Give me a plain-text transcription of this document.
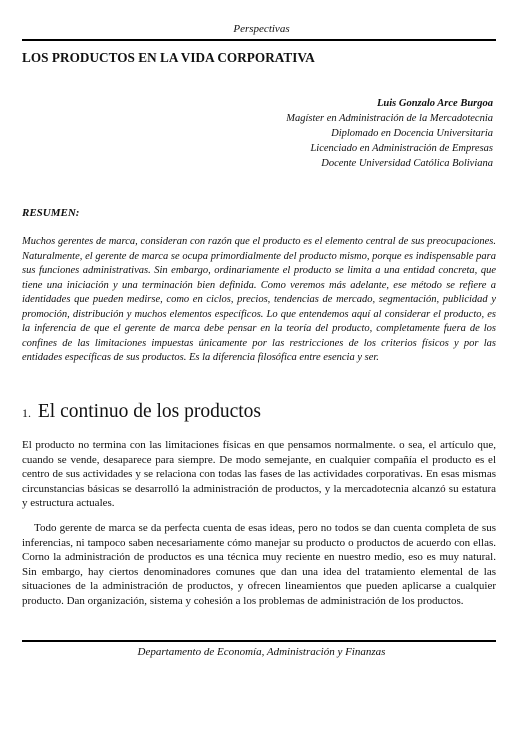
Perspectivas
LOS PRODUCTOS EN LA VIDA CORPORATIVA
Luis Gonzalo Arce Burgoa
Magíster en Administración de la Mercadotecnia
Diplomado en Docencia Universitaria
Licenciado en Administración de Empresas
Docente Universidad Católica Boliviana
RESUMEN:

Muchos gerentes de marca, consideran con razón que el producto es el elemento central de sus preocupaciones. Naturalmente, el gerente de marca se ocupa primordialmente del producto mismo, porque es indispensable para sus funciones administrativas. Sin embargo, ordinariamente el producto se limita a una entidad concreta, que tiene una iniciación y una terminación bien definida. Como veremos más adelante, ese método se refiere a identidades que pueden medirse, como en ciclos, precios, tendencias de mercado, segmentación, publicidad y promoción, distribución y muchos elementos específicos. Lo que entendemos aquí al considerar el producto, es la inferencia de que el gerente de marca debe pensar en la teoría del producto, completamente fuera de los confines de las limitaciones impuestas únicamente por las restricciones de los criterios físicos y por las entidades específicas de sus productos. Es la diferencia filosófica entre esencia y ser.

1. El continuo de los productos

El producto no termina con las limitaciones físicas en que pensamos normalmente. o sea, el artículo que, cuando se vende, desaparece para siempre. De modo semejante, en cualquier compañía el producto es el centro de sus actividades y se relaciona con todas las fases de las actividades corporativas. En esas mismas circunstancias básicas se desarrolló la administración de productos, y la mercadotecnia alcanzó su estatura y estructura actuales.

Todo gerente de marca se da perfecta cuenta de esas ideas, pero no todos se dan cuenta completa de sus inferencias, ni tampoco saben necesariamente cómo manejar su producto o productos de acuerdo con ellas. Corno la administración de productos es una técnica muy reciente en nuestro medio, eso es muy natural. Sin embargo, hay ciertos denominadores comunes que dan una idea del tratamiento elemental de las situaciones de la administración de productos, y ofrecen lineamientos que pueden aplicarse a cualquier producto. Dan organización, sistema y cohesión a los problemas de administración de los productos.

Departamento de Economía, Administración y Finanzas
